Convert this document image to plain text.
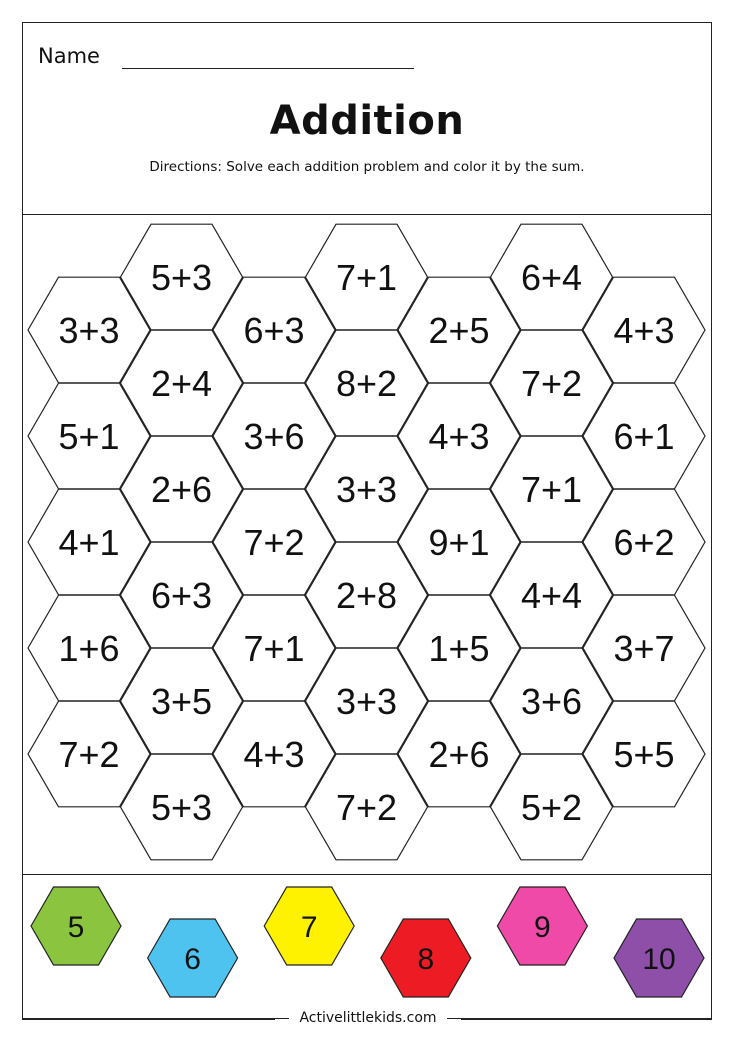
Name
Addition
Directions: Solve each addition problem and color it by the sum.
3+3
5+1
4+1
1+6
7+2
5+3
2+4
2+6
6+3
3+5
5+3
6+3
3+6
7+2
7+1
4+3
7+1
8+2
3+3
2+8
3+3
7+2
2+5
4+3
9+1
1+5
2+6
6+4
7+2
7+1
4+4
3+6
5+2
4+3
6+1
6+2
3+7
5+5
5
6
7
8
9
10
Activelittlekids.com
